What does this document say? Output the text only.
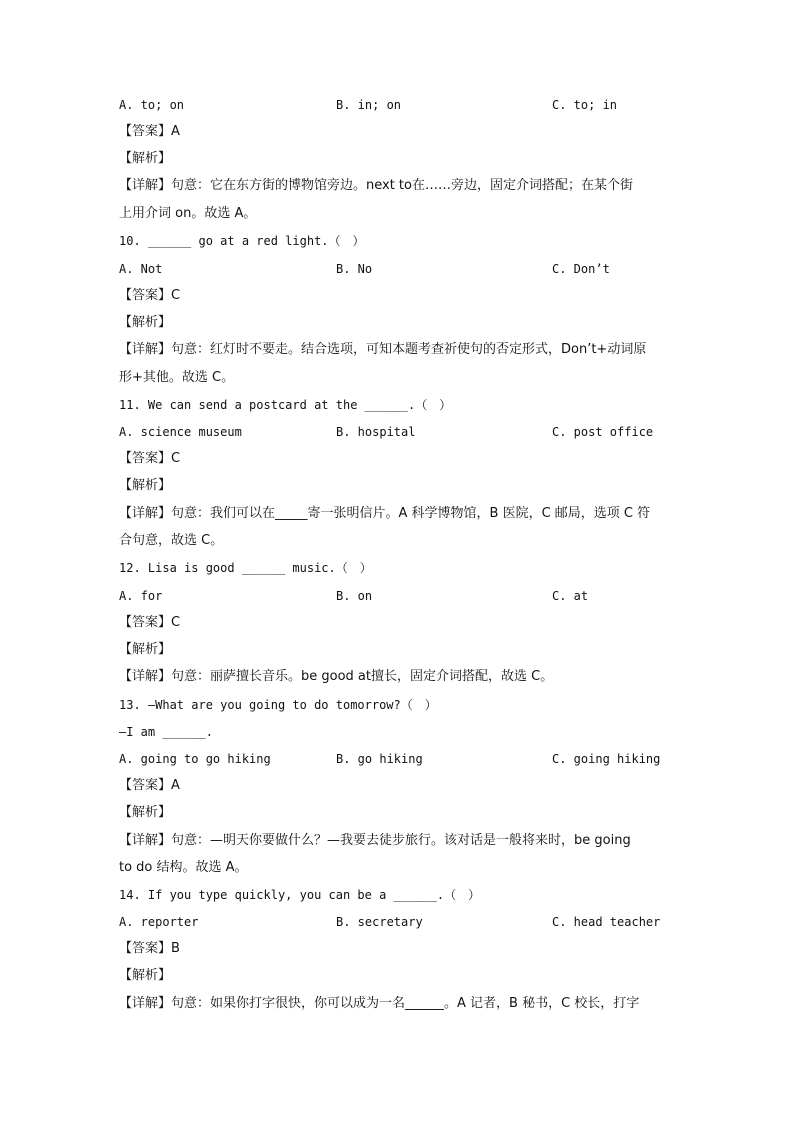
A. to; on	B. in; on	C. to; in
【答案】A
【解析】
【详解】句意：它在东方街的博物馆旁边。next to在……旁边，固定介词搭配；在某个街
上用介词 on。故选 A。
10. ______ go at a red light.（　）
A. Not	B. No	C. Don’t
【答案】C
【解析】
【详解】句意：红灯时不要走。结合选项，可知本题考查祈使句的否定形式，Don’t+动词原
形+其他。故选 C。
11. We can send a postcard at the ______.（　）
A. science museum	B. hospital	C. post office
【答案】C
【解析】
【详解】句意：我们可以在_____寄一张明信片。A 科学博物馆，B 医院，C 邮局，选项 C 符
合句意，故选 C。
12. Lisa is good ______ music.（　）
A. for	B. on	C. at
【答案】C
【解析】
【详解】句意：丽萨擅长音乐。be good at擅长，固定介词搭配，故选 C。
13. —What are you going to do tomorrow?（　）
—I am ______.
A. going to go hiking	B. go hiking	C. going hiking
【答案】A
【解析】
【详解】句意：—明天你要做什么？—我要去徒步旅行。该对话是一般将来时，be going
to do 结构。故选 A。
14. If you type quickly, you can be a ______.（　）
A. reporter	B. secretary	C. head teacher
【答案】B
【解析】
【详解】句意：如果你打字很快，你可以成为一名______。A 记者，B 秘书，C 校长，打字
